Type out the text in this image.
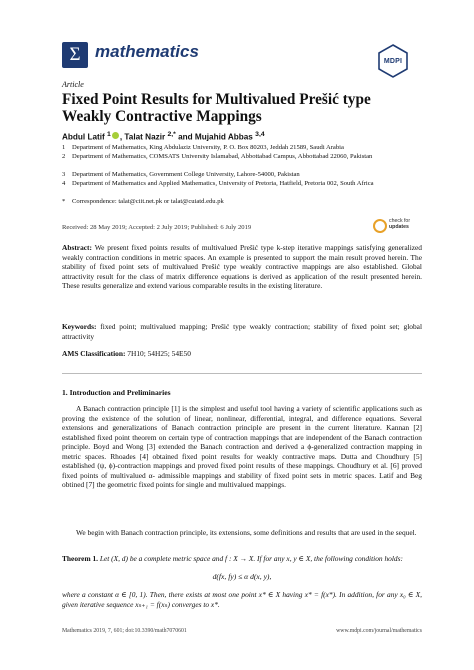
Σ mathematics
MDPI
Article
Fixed Point Results for Multivalued Prešić type Weakly Contractive Mappings
Abdul Latif $^1$ , Talat Nazir $^{2,*}$ and Mujahid Abbas $^{3,4}$
1 Department of Mathematics, King Abdulaziz University, P. O. Box 80203, Jeddah 21589, Saudi Arabia
2 Department of Mathematics, COMSATS University Islamabad, Abbottabad Campus, Abbottabad 22060, Pakistan
3 Department of Mathematics, Government College University, Lahore-54000, Pakistan
4 Department of Mathematics and Applied Mathematics, University of Pretoria, Hatfield, Pretoria 002, South Africa
* Correspondence: talat@ciit.net.pk or talat@cuiatd.edu.pk
Received: 28 May 2019; Accepted: 2 July 2019; Published: 6 July 2019
check for
updates
Abstract: We present fixed points results of multivalued Prešić type k-step iterative mappings satisfying generalized weakly contraction conditions in metric spaces. An example is presented to support the main result proved herein. The stability of fixed point sets of multivalued Prešić type weakly contractive mappings are also established. Global attractivity result for the class of matrix difference equations is derived as application of the result presented herein. These results generalize and extend various comparable results in the existing literature.
Keywords: fixed point; multivalued mapping; Prešić type weakly contraction; stability of fixed point set; global attractivity
AMS Classification: 7H10; 54H25; 54E50
1. Introduction and Preliminaries
A Banach contraction principle [1] is the simplest and useful tool having a variety of scientific applications such as proving the existence of the solution of linear, nonlinear, differential, integral, and difference equations. Several extensions and generalizations of Banach contraction principle are present in the current literature. Kannan [2] established fixed point theorem on certain type of contraction mappings that are independent of the Banach contraction principle. Boyd and Wong [3] extended the Banach contraction and derived a ϕ-generalized contraction mapping in metric spaces. Rhoades [4] obtained fixed point results for weakly contractive maps. Dutta and Choudhury [5] established (ψ, ϕ)-contraction mappings and proved fixed point results of these mappings. Choudhury et al. [6] proved fixed points of multivalued α- admissible mappings and stability of fixed point sets in metric spaces. Latif and Beg obtined [7] the geometric fixed points for single and multivalued mappings.
We begin with Banach contraction principle, its extensions, some definitions and results that are used in the sequel.
Theorem 1. Let (X, d) be a complete metric space and f : X → X. If for any x, y ∈ X, the following condition holds:
d(fx, fy) ≤ α d(x, y),
where a constant α ∈ [0, 1). Then, there exists at most one point x* ∈ X having x* = f(x*). In addition, for any x₀ ∈ X, given iterative sequence xₙ₊₁ = f(xₙ) converges to x*.
Mathematics 2019, 7, 601; doi:10.3390/math7070601	www.mdpi.com/journal/mathematics
